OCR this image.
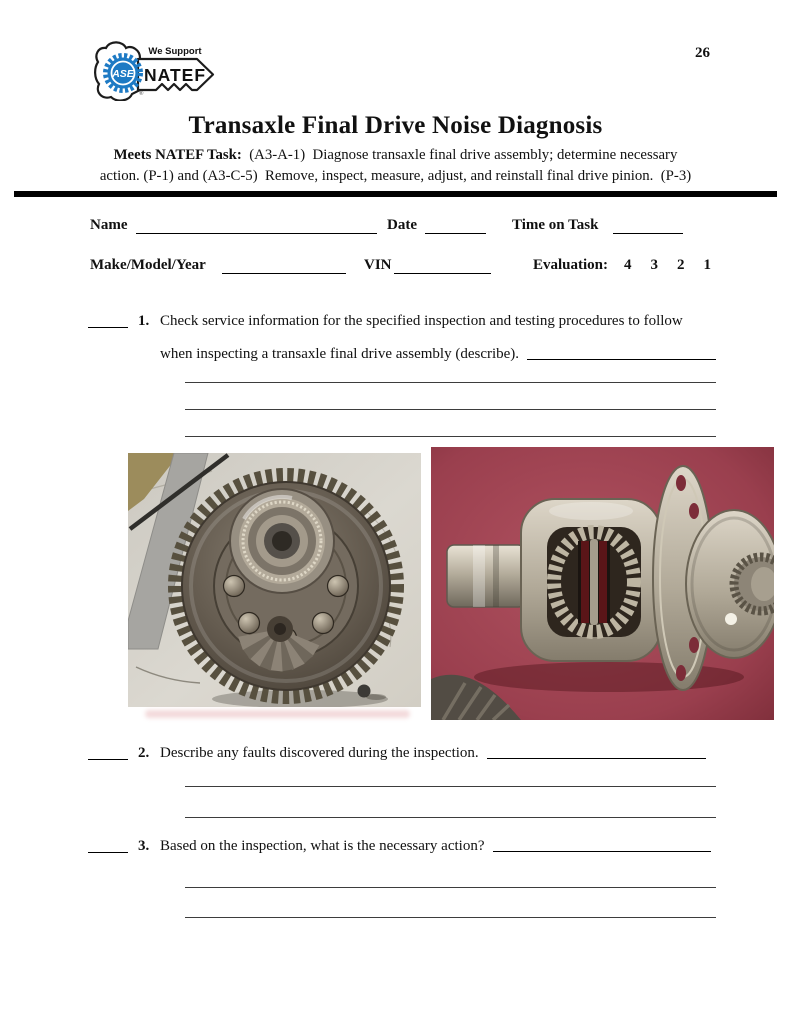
We Support
NATEF
ASE
®
26
Transaxle Final Drive Noise Diagnosis
Meets NATEF Task:  (A3-A-1)  Diagnose transaxle final drive assembly; determine necessary
action. (P-1) and (A3-C-5)  Remove, inspect, measure, adjust, and reinstall final drive pinion.  (P-3)
Name	Date	Time on Task
Make/Model/Year	VIN	Evaluation: 4 3 2 1
1. Check service information for the specified inspection and testing procedures to follow
when inspecting a transaxle final drive assembly (describe).
2. Describe any faults discovered during the inspection.
3. Based on the inspection, what is the necessary action?
